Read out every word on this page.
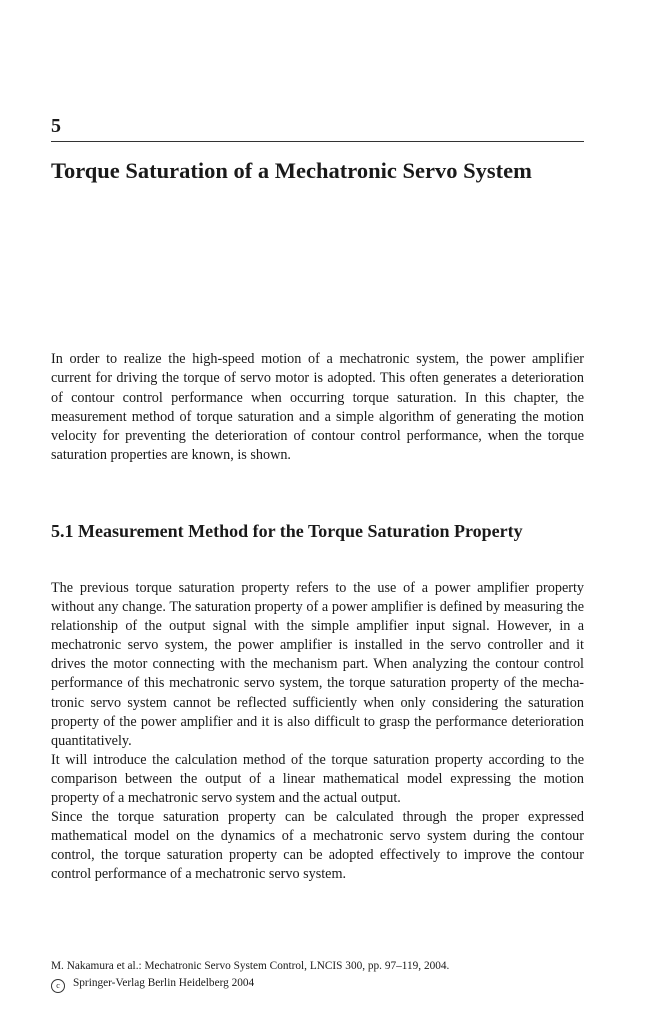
5
Torque Saturation of a Mechatronic Servo System

In order to realize the high-speed motion of a mechatronic system, the power amplifier current for driving the torque of servo motor is adopted. This often generates a deterioration of contour control performance when occurring torque saturation. In this chapter, the measurement method of torque saturation and a simple algorithm of generating the motion velocity for preventing the deterioration of contour control performance, when the torque saturation properties are known, is shown.

5.1 Measurement Method for the Torque Saturation Property

The previous torque saturation property refers to the use of a power amplifier property without any change. The saturation property of a power amplifier is defined by measuring the relationship of the output signal with the simple amplifier input signal. However, in a mechatronic servo system, the power amplifier is installed in the servo controller and it drives the motor connecting with the mechanism part. When analyzing the contour control performance of this mechatronic servo system, the torque saturation property of the mechatronic servo system cannot be reflected sufficiently when only considering the saturation property of the power amplifier and it is also difficult to grasp the performance deterioration quantitatively.

It will introduce the calculation method of the torque saturation property according to the comparison between the output of a linear mathematical model expressing the motion property of a mechatronic servo system and the actual output.

Since the torque saturation property can be calculated through the proper expressed mathematical model on the dynamics of a mechatronic servo system during the contour control, the torque saturation property can be adopted effectively to improve the contour control performance of a mechatronic servo system.

M. Nakamura et al.: Mechatronic Servo System Control, LNCIS 300, pp. 97–119, 2004.
c Springer-Verlag Berlin Heidelberg 2004
